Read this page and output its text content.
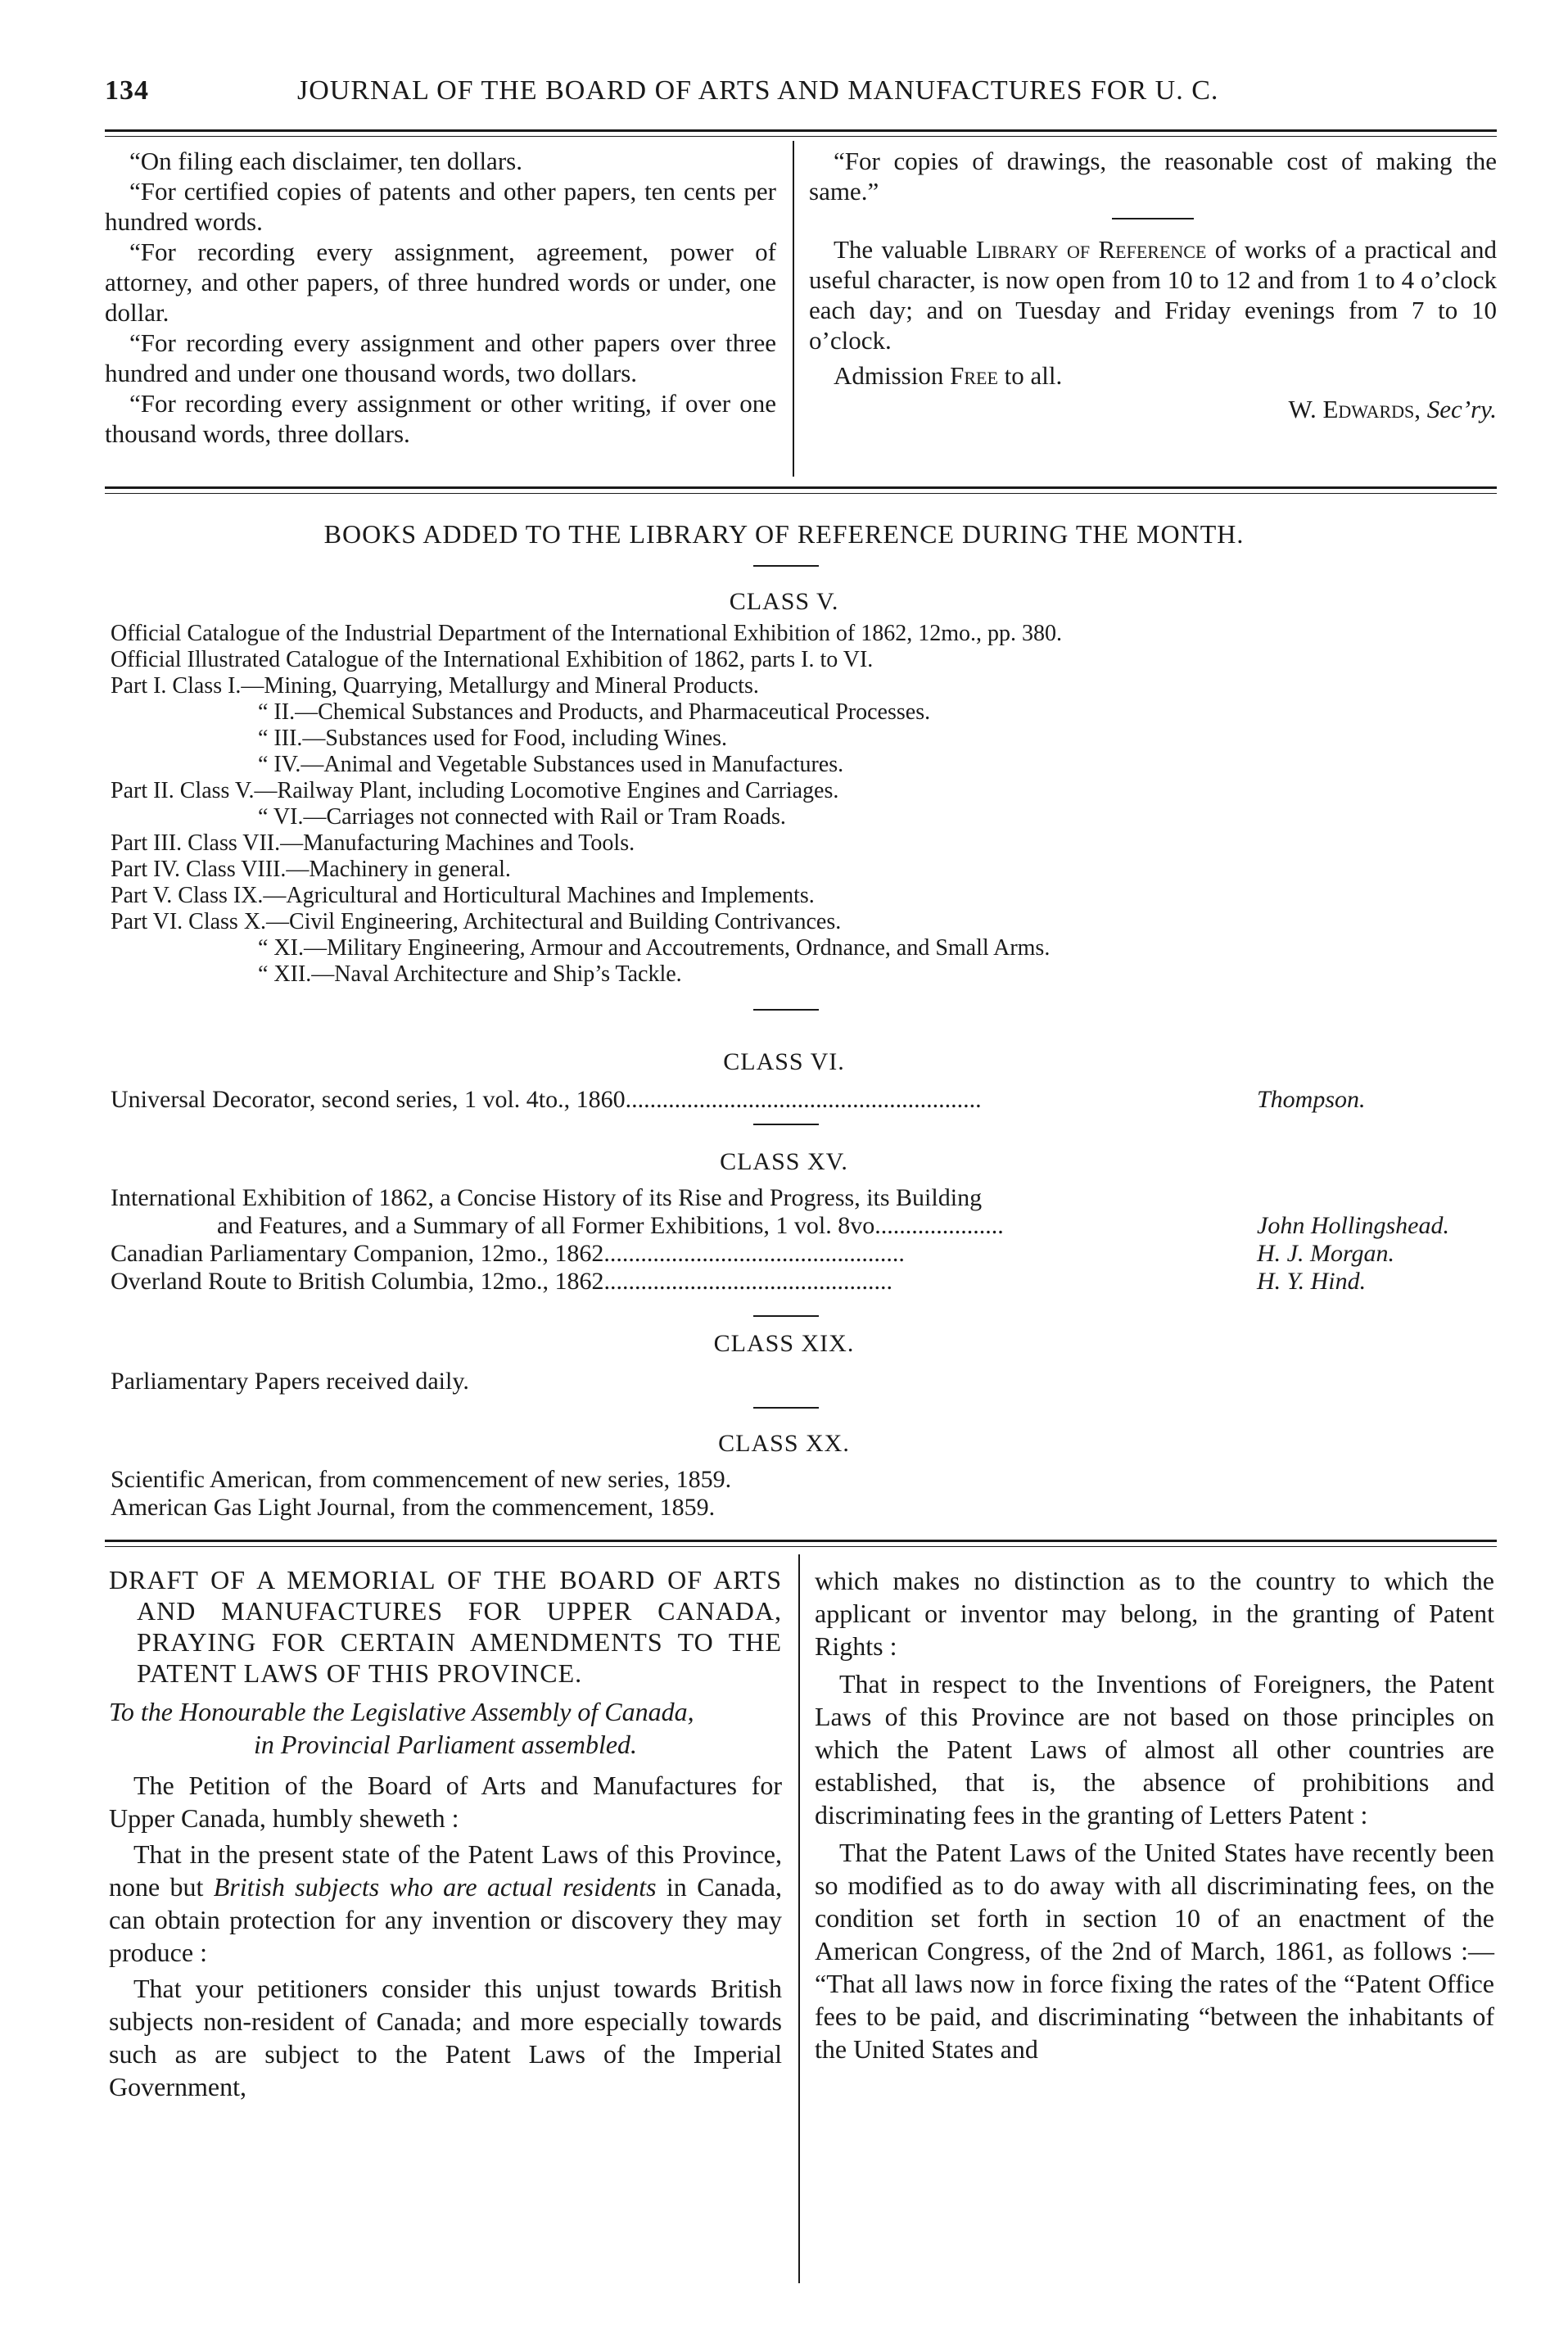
134	JOURNAL OF THE BOARD OF ARTS AND MANUFACTURES FOR U. C.

“On filing each disclaimer, ten dollars.

“For certified copies of patents and other papers, ten cents per hundred words.

“For recording every assignment, agreement, power of attorney, and other papers, of three hundred words or under, one dollar.

“For recording every assignment and other papers over three hundred and under one thousand words, two dollars.

“For recording every assignment or other writing, if over one thousand words, three dollars.

“For copies of drawings, the reasonable cost of making the same.”

The valuable Library of Reference of works of a practical and useful character, is now open from 10 to 12 and from 1 to 4 o’clock each day; and on Tuesday and Friday evenings from 7 to 10 o’clock.

Admission Free to all.

W. Edwards, Sec’ry.

BOOKS ADDED TO THE LIBRARY OF REFERENCE DURING THE MONTH.
CLASS V.
Official Catalogue of the Industrial Department of the International Exhibition of 1862, 12mo., pp. 380.
Official Illustrated Catalogue of the International Exhibition of 1862, parts I. to VI.
Part I. Class I.—Mining, Quarrying, Metallurgy and Mineral Products.
“ II.—Chemical Substances and Products, and Pharmaceutical Processes.
“ III.—Substances used for Food, including Wines.
“ IV.—Animal and Vegetable Substances used in Manufactures.
Part II. Class V.—Railway Plant, including Locomotive Engines and Carriages.
“ VI.—Carriages not connected with Rail or Tram Roads.
Part III. Class VII.—Manufacturing Machines and Tools.
Part IV. Class VIII.—Machinery in general.
Part V. Class IX.—Agricultural and Horticultural Machines and Implements.
Part VI. Class X.—Civil Engineering, Architectural and Building Contrivances.
“ XI.—Military Engineering, Armour and Accoutrements, Ordnance, and Small Arms.
“ XII.—Naval Architecture and Ship’s Tackle.
CLASS VI.
Universal Decorator, second series, 1 vol. 4to., 1860..........................................................	Thompson.
CLASS XV.
International Exhibition of 1862, a Concise History of its Rise and Progress, its Building
and Features, and a Summary of all Former Exhibitions, 1 vol. 8vo.....................	John Hollingshead.
Canadian Parliamentary Companion, 12mo., 1862.................................................	H. J. Morgan.
Overland Route to British Columbia, 12mo., 1862...............................................	H. Y. Hind.
CLASS XIX.
Parliamentary Papers received daily.
CLASS XX.
Scientific American, from commencement of new series, 1859.
American Gas Light Journal, from the commencement, 1859.

DRAFT OF A MEMORIAL OF THE BOARD OF ARTS AND MANUFACTURES FOR UPPER CANADA, PRAYING FOR CERTAIN AMENDMENTS TO THE PATENT LAWS OF THIS PROVINCE.

To the Honourable the Legislative Assembly of Canada,

in Provincial Parliament assembled.

The Petition of the Board of Arts and Manufactures for Upper Canada, humbly sheweth :

That in the present state of the Patent Laws of this Province, none but British subjects who are actual residents in Canada, can obtain protection for any invention or discovery they may produce :

That your petitioners consider this unjust towards British subjects non-resident of Canada; and more especially towards such as are subject to the Patent Laws of the Imperial Government,

which makes no distinction as to the country to which the applicant or inventor may belong, in the granting of Patent Rights :

That in respect to the Inventions of Foreigners, the Patent Laws of this Province are not based on those principles on which the Patent Laws of almost all other countries are established, that is, the absence of prohibitions and discriminating fees in the granting of Letters Patent :

That the Patent Laws of the United States have recently been so modified as to do away with all discriminating fees, on the condition set forth in section 10 of an enactment of the American Congress, of the 2nd of March, 1861, as follows :— “That all laws now in force fixing the rates of the “Patent Office fees to be paid, and discriminating “between the inhabitants of the United States and
